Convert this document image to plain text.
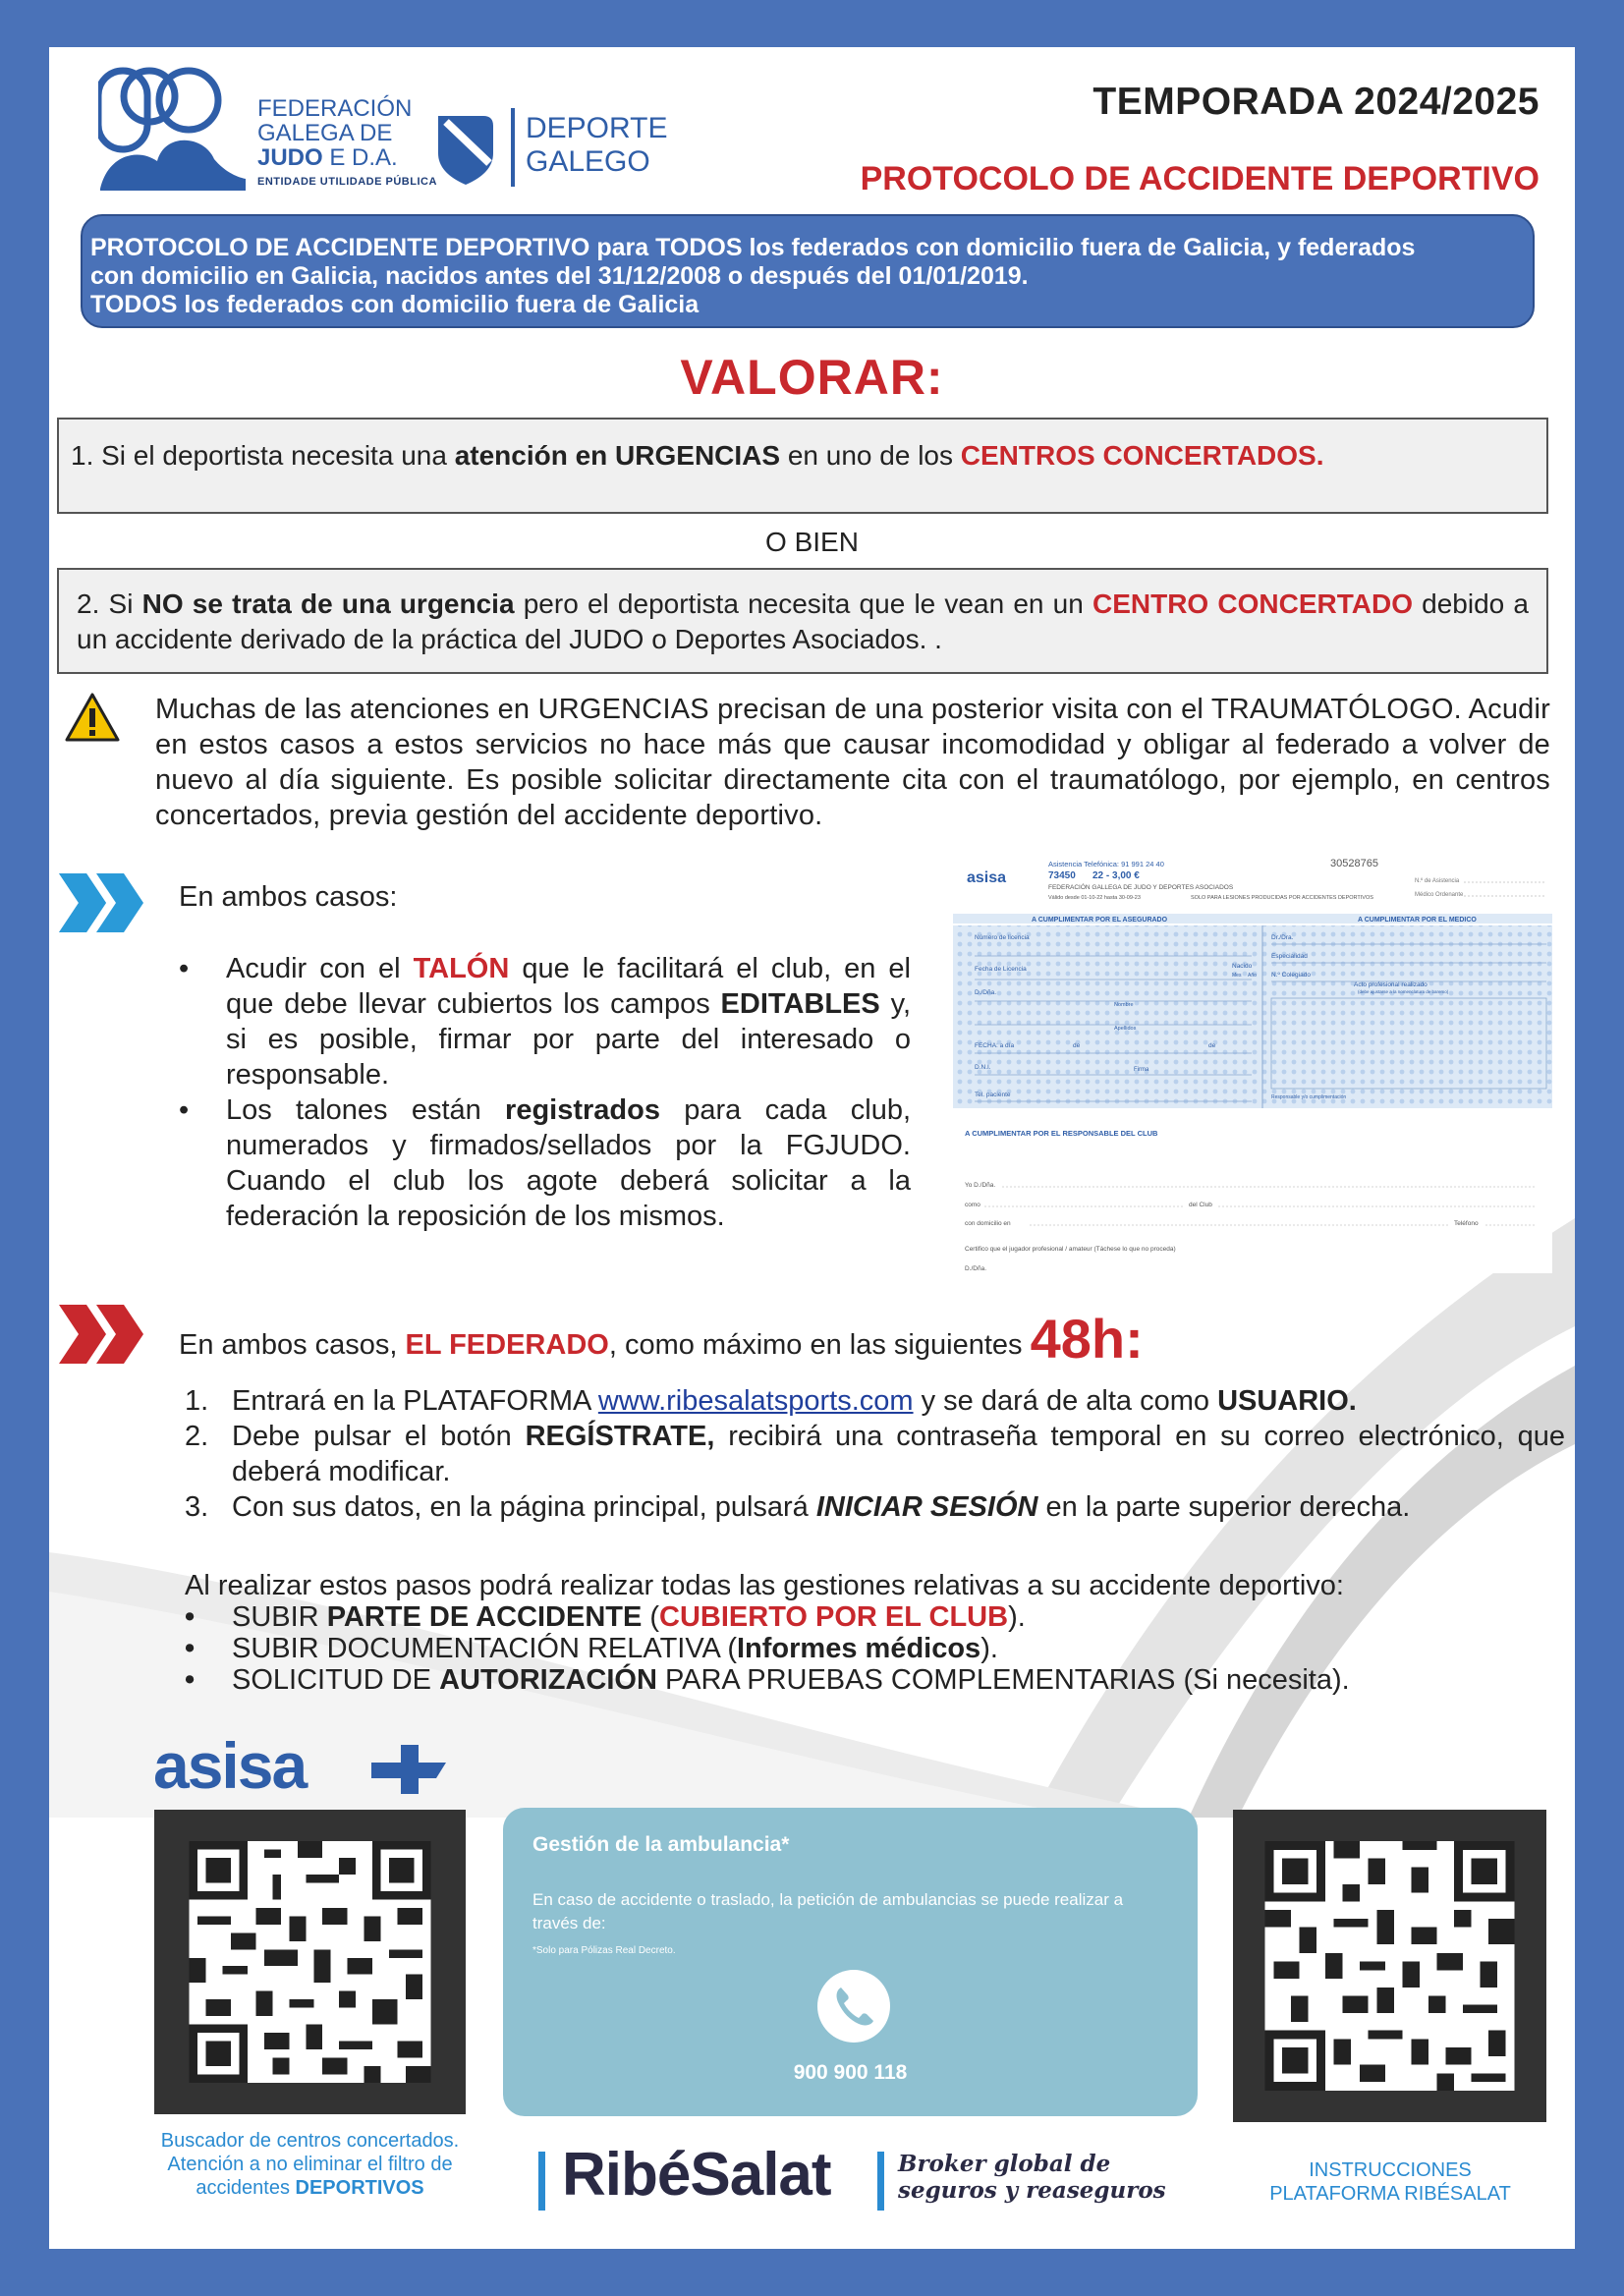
FEDERACIÓN
GALEGA DE
JUDO E D.A.
ENTIDADE UTILIDADE PÚBLICA
DEPORTE
GALEGO
TEMPORADA 2024/2025
PROTOCOLO DE ACCIDENTE DEPORTIVO
PROTOCOLO DE ACCIDENTE DEPORTIVO para TODOS los federados con domicilio fuera de Galicia, y federados
con domicilio en Galicia, nacidos antes del 31/12/2008 o después del 01/01/2019.
TODOS los federados con domicilio fuera de Galicia
VALORAR:
1. Si el deportista necesita una atención en URGENCIAS en uno de los CENTROS CONCERTADOS.
O BIEN
2. Si NO se trata de una urgencia pero el deportista necesita que le vean en un CENTRO CONCERTADO debido a un accidente derivado de la práctica del JUDO o Deportes Asociados. .
Muchas de las atenciones en URGENCIAS precisan de una posterior visita con el TRAUMATÓLOGO. Acudir en estos casos a estos servicios no hace más que causar incomodidad y obligar al federado a volver de nuevo al día siguiente. Es posible solicitar directamente cita con el traumatólogo, por ejemplo, en centros concertados, previa gestión del accidente deportivo.
En ambos casos:
• Acudir con el TALÓN que le facilitará el club, en el que debe llevar cubiertos los campos EDITABLES y, si es posible, firmar por parte del interesado o responsable.
• Los talones están registrados para cada club, numerados y firmados/sellados por la FGJUDO. Cuando el club los agote deberá solicitar a la federación la reposición de los mismos.
asisa
Asistencia Telefónica: 91 991 24 40
73450 22 - 3,00 €
FEDERACIÓN GALLEGA DE JUDO Y DEPORTES ASOCIADOS
Válido desde 01-10-22 hasta 30-09-23	SOLO PARA LESIONES PRODUCIDAS POR ACCIDENTES DEPORTIVOS
30528765
N.º de Asistencia
Médico Ordenante
A CUMPLIMENTAR POR EL ASEGURADO	A CUMPLIMENTAR POR EL MEDICO
Número de licencia
Fecha de Licencia	Nacido
Mes Año
D./Dña.
Nombre
Apellidos
FECHA: a día	de	de
D.N.I.	Firma
Tel. paciente
Dr./Dra.
Especialidad
N.º Colegiado
Acto profesional realizado
(debe ajustarse a la nomenclatura de baremo)
Responsable y/o cumplimentación
A CUMPLIMENTAR POR EL RESPONSABLE DEL CLUB
Yo D./Dña.
como	del Club
con domicilio en	Teléfono
Certifico que el jugador profesional / amateur (Táchese lo que no proceda)
D./Dña.
En ambos casos, EL FEDERADO, como máximo en las siguientes 48h:
1. Entrará en la PLATAFORMA www.ribesalatsports.com y se dará de alta como USUARIO.
2. Debe pulsar el botón REGÍSTRATE, recibirá una contraseña temporal en su correo electrónico, que deberá modificar.
3. Con sus datos, en la página principal, pulsará INICIAR SESIÓN en la parte superior derecha.
Al realizar estos pasos podrá realizar todas las gestiones relativas a su accidente deportivo:
• SUBIR PARTE DE ACCIDENTE (CUBIERTO POR EL CLUB).
• SUBIR DOCUMENTACIÓN RELATIVA (Informes médicos).
• SOLICITUD DE AUTORIZACIÓN PARA PRUEBAS COMPLEMENTARIAS (Si necesita).
asisa
Gestión de la ambulancia*
En caso de accidente o traslado, la petición de ambulancias se puede realizar a través de:
*Solo para Pólizas Real Decreto.
900 900 118
Buscador de centros concertados. Atención a no eliminar el filtro de accidentes DEPORTIVOS	RibéSalat	Broker global de
seguros y reaseguros
INSTRUCCIONES
PLATAFORMA RIBÉSALAT
